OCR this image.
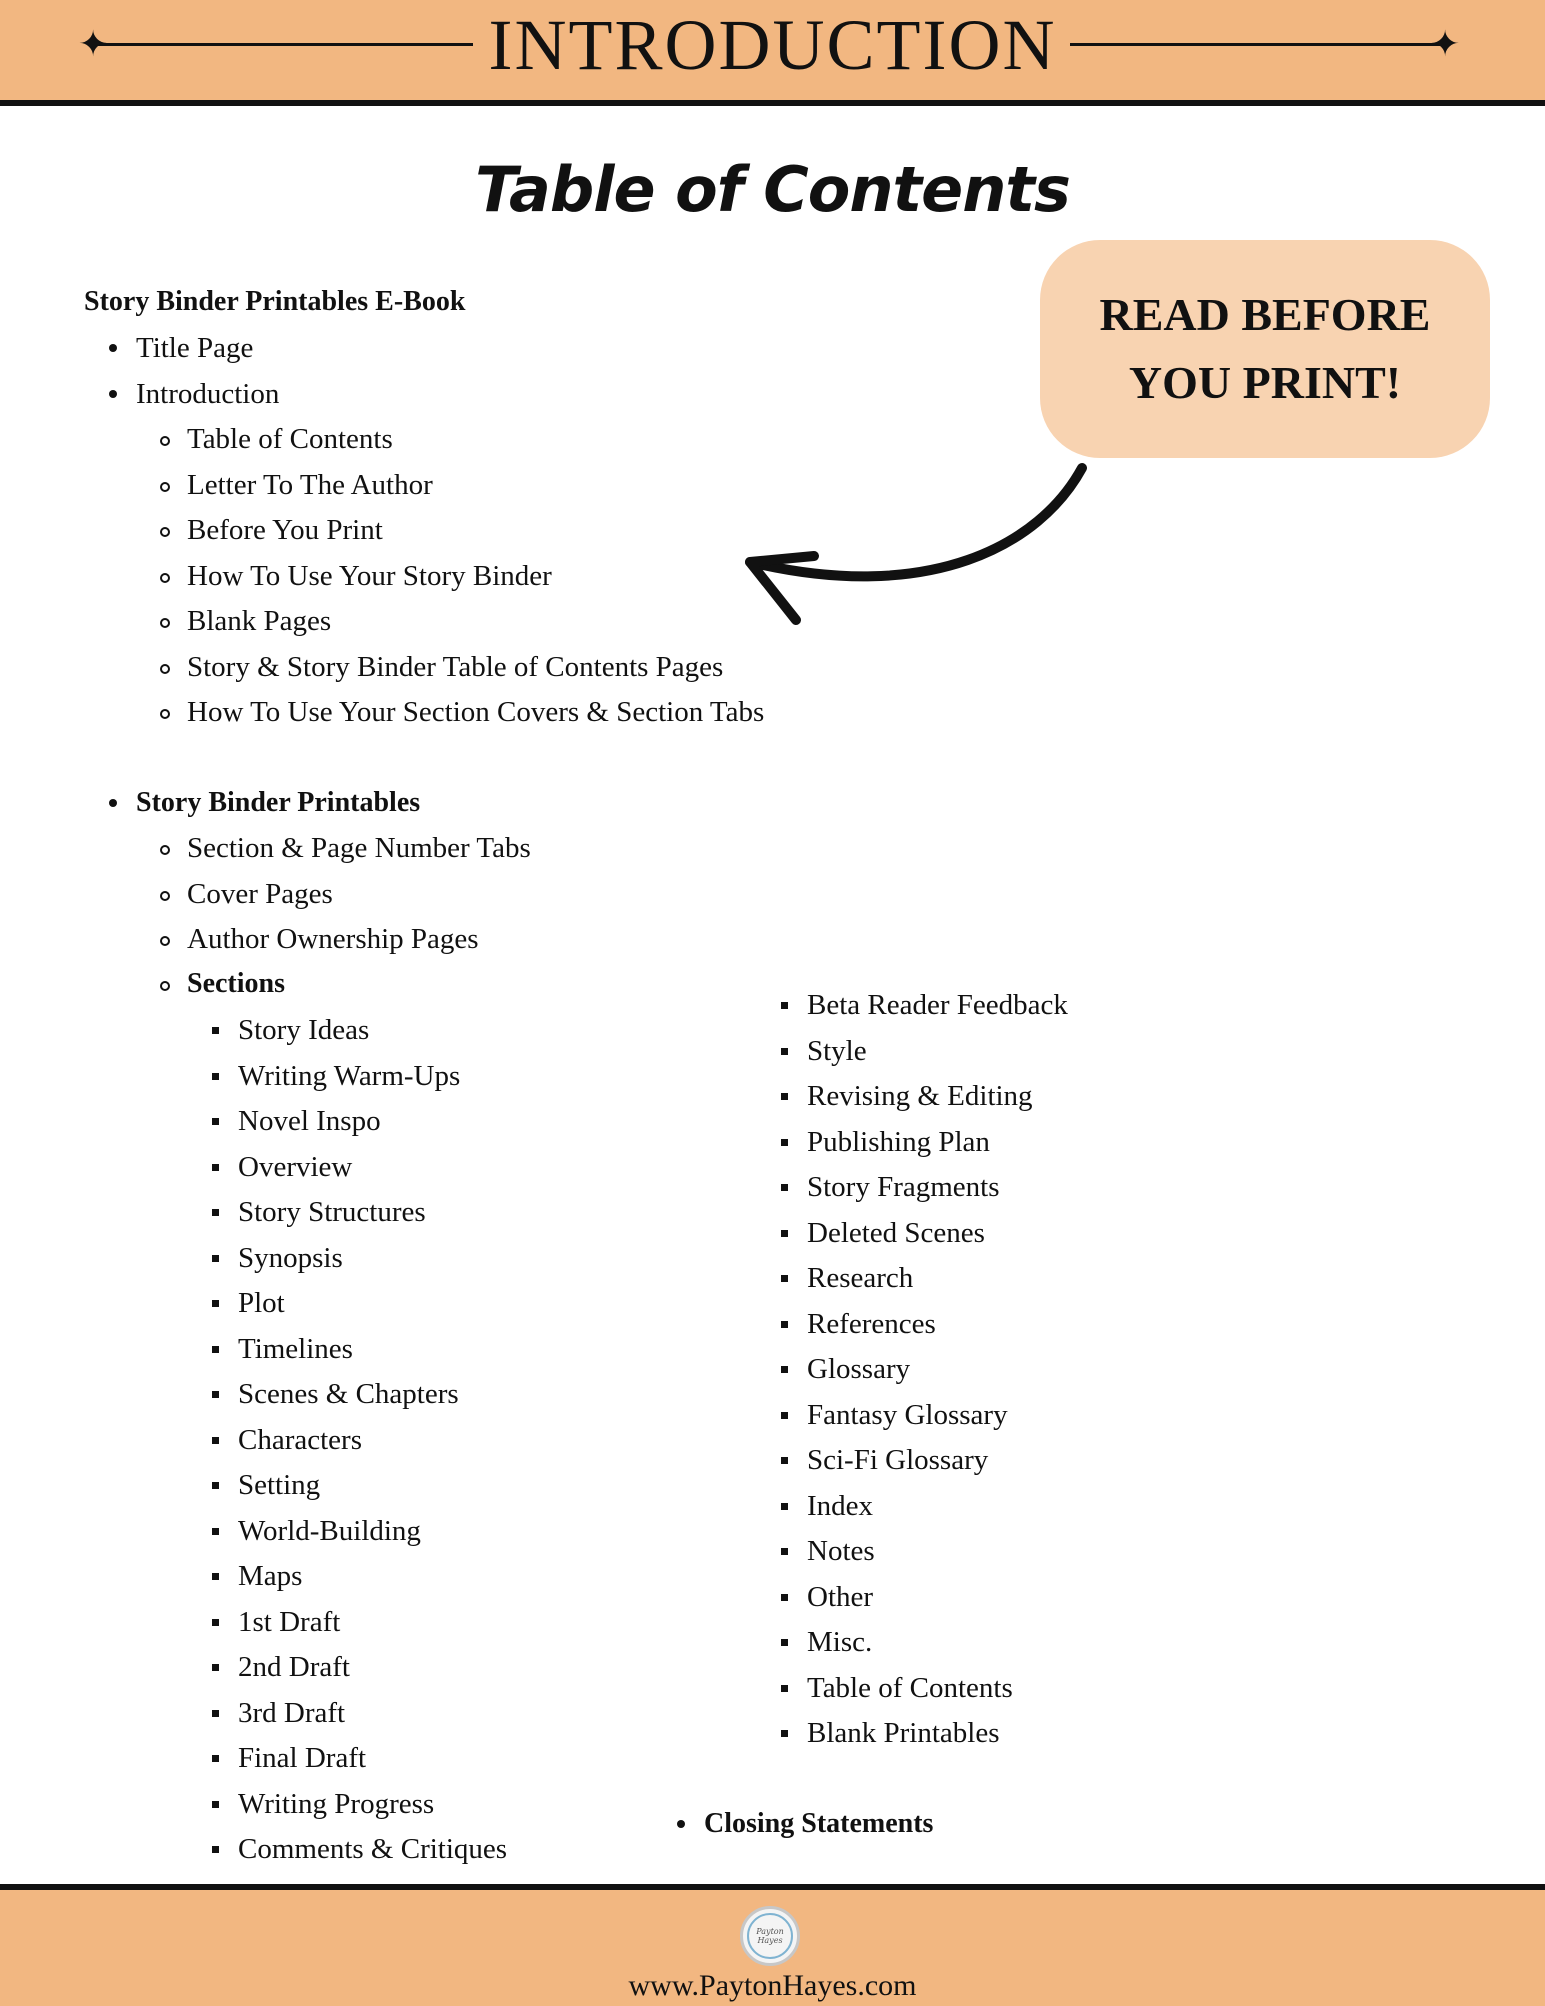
✦	✦
INTRODUCTION
Table of Contents
READ BEFORE
YOU PRINT!
Story Binder Printables E-Book
Title Page
Introduction
Table of Contents
Letter To The Author
Before You Print
How To Use Your Story Binder
Blank Pages
Story & Story Binder Table of Contents Pages
How To Use Your Section Covers & Section Tabs
Story Binder Printables
Section & Page Number Tabs
Cover Pages
Author Ownership Pages
Sections
Story Ideas
Writing Warm-Ups
Novel Inspo
Overview
Story Structures
Synopsis
Plot
Timelines
Scenes & Chapters
Characters
Setting
World-Building
Maps
1st Draft
2nd Draft
3rd Draft
Final Draft
Writing Progress
Comments & Critiques
Beta Reader Feedback
Style
Revising & Editing
Publishing Plan
Story Fragments
Deleted Scenes
Research
References
Glossary
Fantasy Glossary
Sci-Fi Glossary
Index
Notes
Other
Misc.
Table of Contents
Blank Printables
Closing Statements
Payton Hayes
www.PaytonHayes.com
